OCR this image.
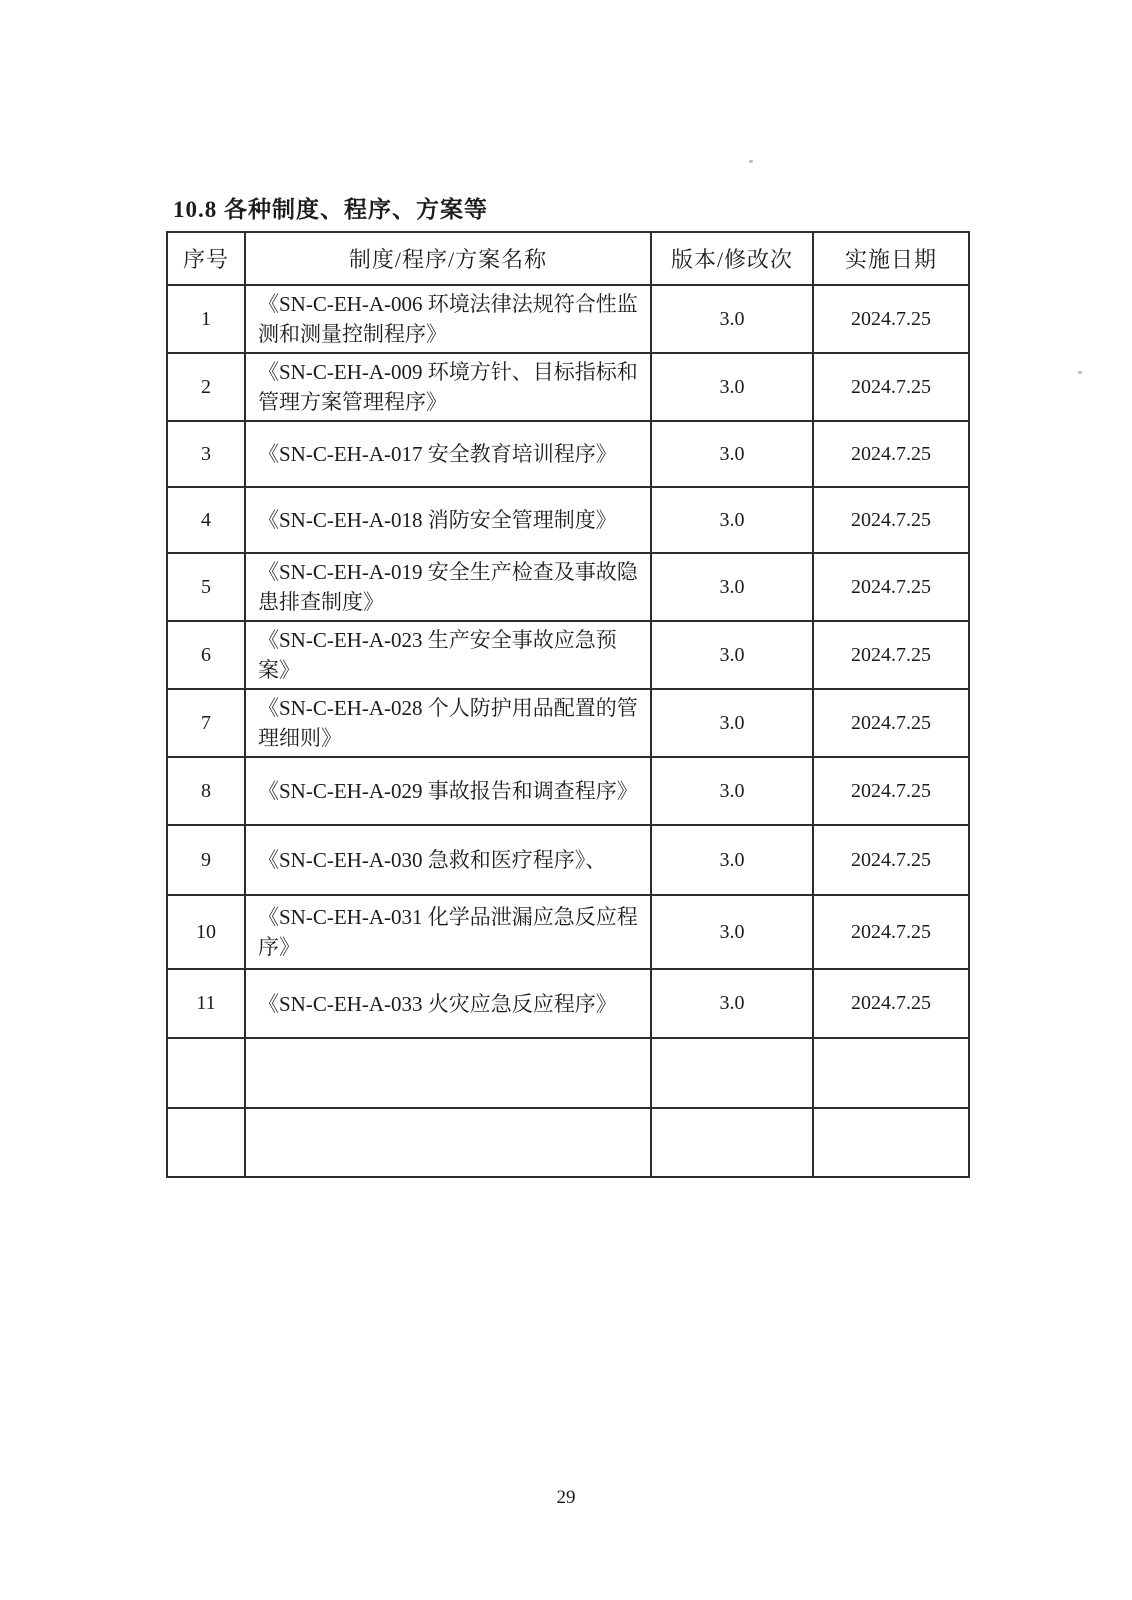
10.8 各种制度、程序、方案等
序号	制度/程序/方案名称	版本/修改次	实施日期
1	《SN-C-EH-A-006 环境法律法规符合性监测和测量控制程序》	3.0	2024.7.25
2	《SN-C-EH-A-009 环境方针、目标指标和管理方案管理程序》	3.0	2024.7.25
3	《SN-C-EH-A-017 安全教育培训程序》	3.0	2024.7.25
4	《SN-C-EH-A-018 消防安全管理制度》	3.0	2024.7.25
5	《SN-C-EH-A-019 安全生产检查及事故隐患排查制度》	3.0	2024.7.25
6	《SN-C-EH-A-023 生产安全事故应急预案》	3.0	2024.7.25
7	《SN-C-EH-A-028 个人防护用品配置的管理细则》	3.0	2024.7.25
8	《SN-C-EH-A-029 事故报告和调查程序》	3.0	2024.7.25
9	《SN-C-EH-A-030 急救和医疗程序》、	3.0	2024.7.25
10	《SN-C-EH-A-031 化学品泄漏应急反应程序》	3.0	2024.7.25
11	《SN-C-EH-A-033 火灾应急反应程序》	3.0	2024.7.25

29
